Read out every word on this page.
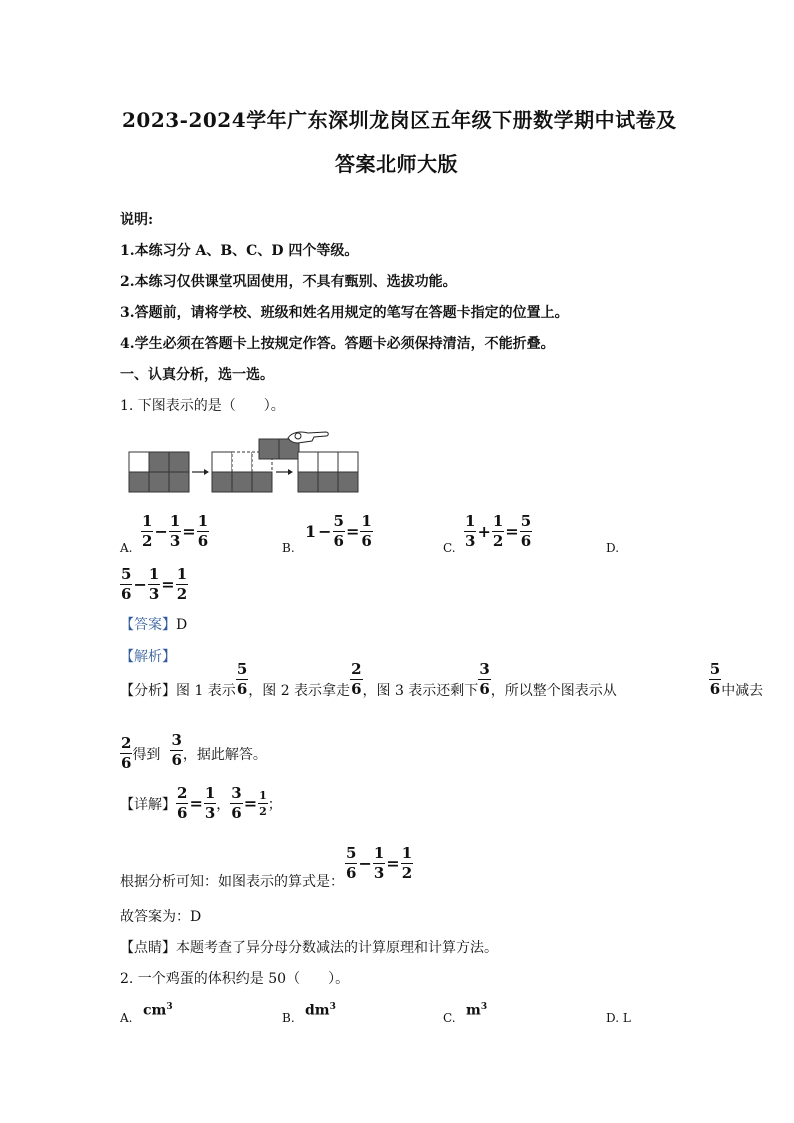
2023-2024学年广东深圳龙岗区五年级下册数学期中试卷及
答案北师大版
说明:
1.本练习分 A、B、C、D 四个等级。
2.本练习仅供课堂巩固使用，不具有甄别、选拔功能。
3.答题前，请将学校、班级和姓名用规定的笔写在答题卡指定的位置上。
4.学生必须在答题卡上按规定作答。答题卡必须保持清洁，不能折叠。
一、认真分析，选一选。
1. 下图表示的是（　　）。
A. $\frac{1}{2} - \frac{1}{3} = \frac{1}{6}$	B.
$1 - \frac{5}{6} = \frac{1}{6}$	C. $\frac{1}{3} + \frac{1}{2} = \frac{5}{6}$	D.
$\frac{5}{6} - \frac{1}{3} = \frac{1}{2}$
【答案】D
【解析】
【分析】 图 1 表示 $\frac{5}{6}$ ，图 2 表示拿走 $\frac{2}{6}$ ，图 3 表示还剩下 $\frac{3}{6}$ ，所以整个图表示从	$\frac{5}{6}$ 中减去
$\frac{2}{6}$ 得到 $\frac{3}{6}$ ，据此解答。
【详解】 $\frac{2}{6} = \frac{1}{3}$ ， $\frac{3}{6} = \frac{1}{2}$ ；
根据分析可知：如图表示的算式是：
$\frac{5}{6} - \frac{1}{3} = \frac{1}{2}$
故答案为：D
【点睛】本题考查了异分母分数减法的计算原理和计算方法。
2. 一个鸡蛋的体积约是 50（　　）。
A. $cm^3$
B. $dm^3$
C. $m^3$
D. L
